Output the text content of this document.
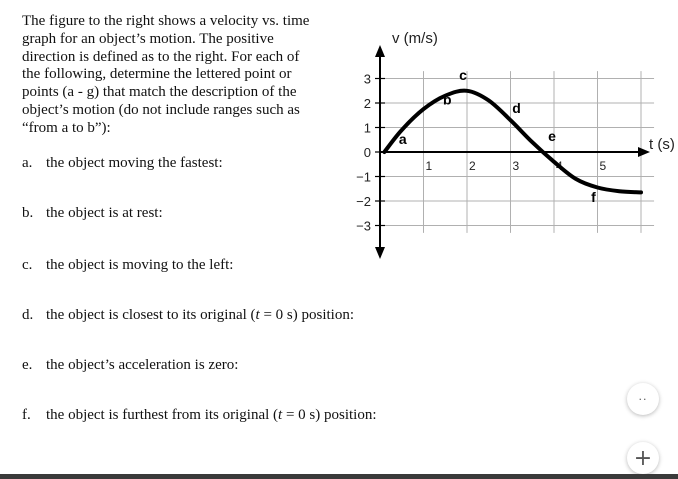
The figure to the right shows a velocity vs. time
graph for an object’s motion. The positive
direction is defined as to the right. For each of
the following, determine the lettered point or
points (a - g) that match the description of the
object’s motion (do not include ranges such as
“from a to b”):
a. the object moving the fastest:
b. the object is at rest:
c. the object is moving to the left:
d. the object is closest to its original (t = 0 s) position:
e. the object’s acceleration is zero:
f. the object is furthest from its original (t = 0 s) position:
v (m/s)
t (s)
3
2
1
0
−1
−2
−3
1	2	3	4	5
a
b
c
d
e
f
··
+
